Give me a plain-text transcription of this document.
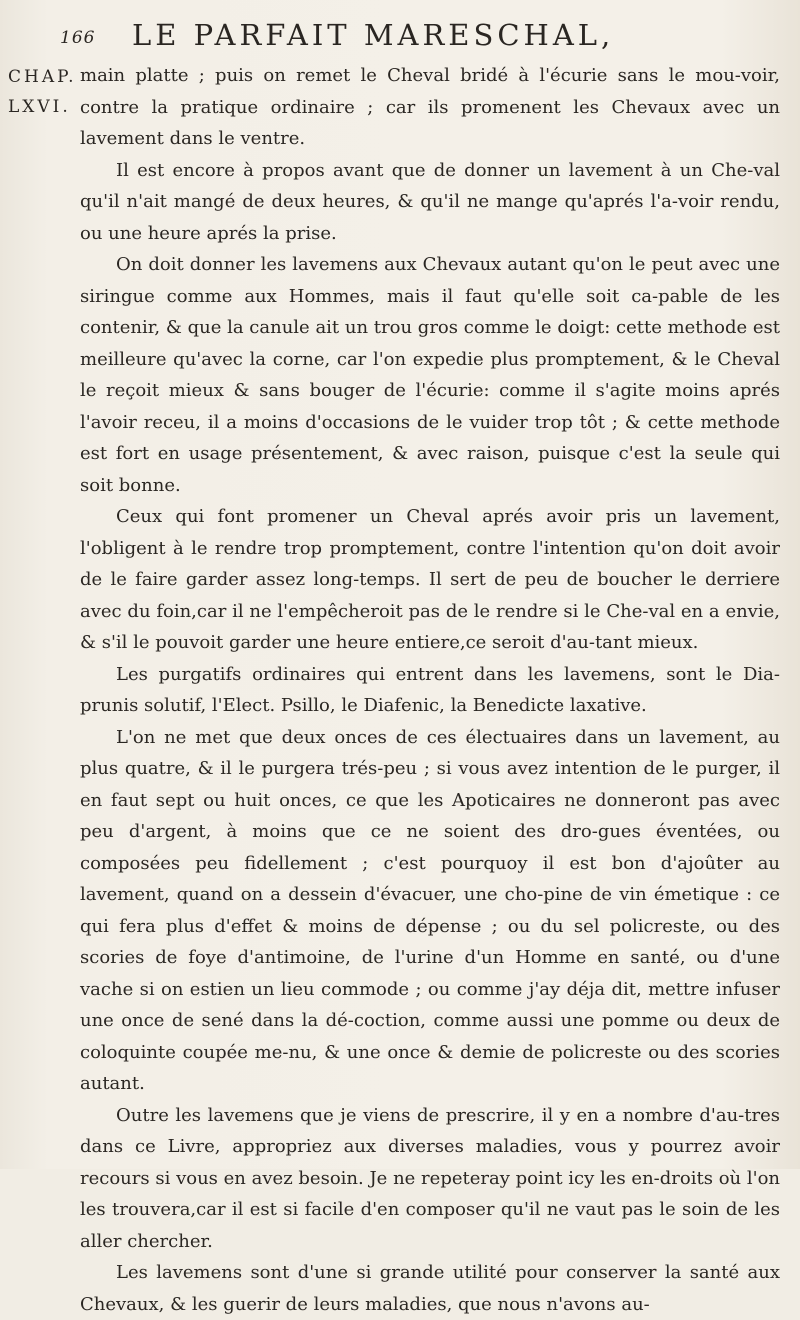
166 LE PARFAIT MARESCHAL,
CHAP.
LXVI.

main platte ; puis on remet le Cheval bridé à l'écurie sans le mou-voir, contre la pratique ordinaire ; car ils promenent les Chevaux avec un lavement dans le ventre.

Il est encore à propos avant que de donner un lavement à un Che-val qu'il n'ait mangé de deux heures, & qu'il ne mange qu'aprés l'a-voir rendu, ou une heure aprés la prise.

On doit donner les lavemens aux Chevaux autant qu'on le peut avec une siringue comme aux Hommes, mais il faut qu'elle soit ca-pable de les contenir, & que la canule ait un trou gros comme le doigt: cette methode est meilleure qu'avec la corne, car l'on expedie plus promptement, & le Cheval le reçoit mieux & sans bouger de l'écurie: comme il s'agite moins aprés l'avoir receu, il a moins d'occasions de le vuider trop tôt ; & cette methode est fort en usage présentement, & avec raison, puisque c'est la seule qui soit bonne.

Ceux qui font promener un Cheval aprés avoir pris un lavement, l'obligent à le rendre trop promptement, contre l'intention qu'on doit avoir de le faire garder assez long-temps. Il sert de peu de boucher le derriere avec du foin,car il ne l'empêcheroit pas de le rendre si le Che-val en a envie, & s'il le pouvoit garder une heure entiere,ce seroit d'au-tant mieux.

Les purgatifs ordinaires qui entrent dans les lavemens, sont le Dia-prunis solutif, l'Elect. Psillo, le Diafenic, la Benedicte laxative.

L'on ne met que deux onces de ces électuaires dans un lavement, au plus quatre, & il le purgera trés-peu ; si vous avez intention de le purger, il en faut sept ou huit onces, ce que les Apoticaires ne donneront pas avec peu d'argent, à moins que ce ne soient des dro-gues éventées, ou composées peu fidellement ; c'est pourquoy il est bon d'ajoûter au lavement, quand on a dessein d'évacuer, une cho-pine de vin émetique : ce qui fera plus d'effet & moins de dépense ; ou du sel policreste, ou des scories de foye d'antimoine, de l'urine d'un Homme en santé, ou d'une vache si on estien un lieu commode ; ou comme j'ay déja dit, mettre infuser une once de sené dans la dé-coction, comme aussi une pomme ou deux de coloquinte coupée me-nu, & une once & demie de policreste ou des scories autant.

Outre les lavemens que je viens de prescrire, il y en a nombre d'au-tres dans ce Livre, appropriez aux diverses maladies, vous y pourrez avoir recours si vous en avez besoin. Je ne repeteray point icy les en-droits où l'on les trouvera,car il est si facile d'en composer qu'il ne vaut pas le soin de les aller chercher.

Les lavemens sont d'une si grande utilité pour conserver la santé aux Chevaux, & les guerir de leurs maladies, que nous n'avons au-
